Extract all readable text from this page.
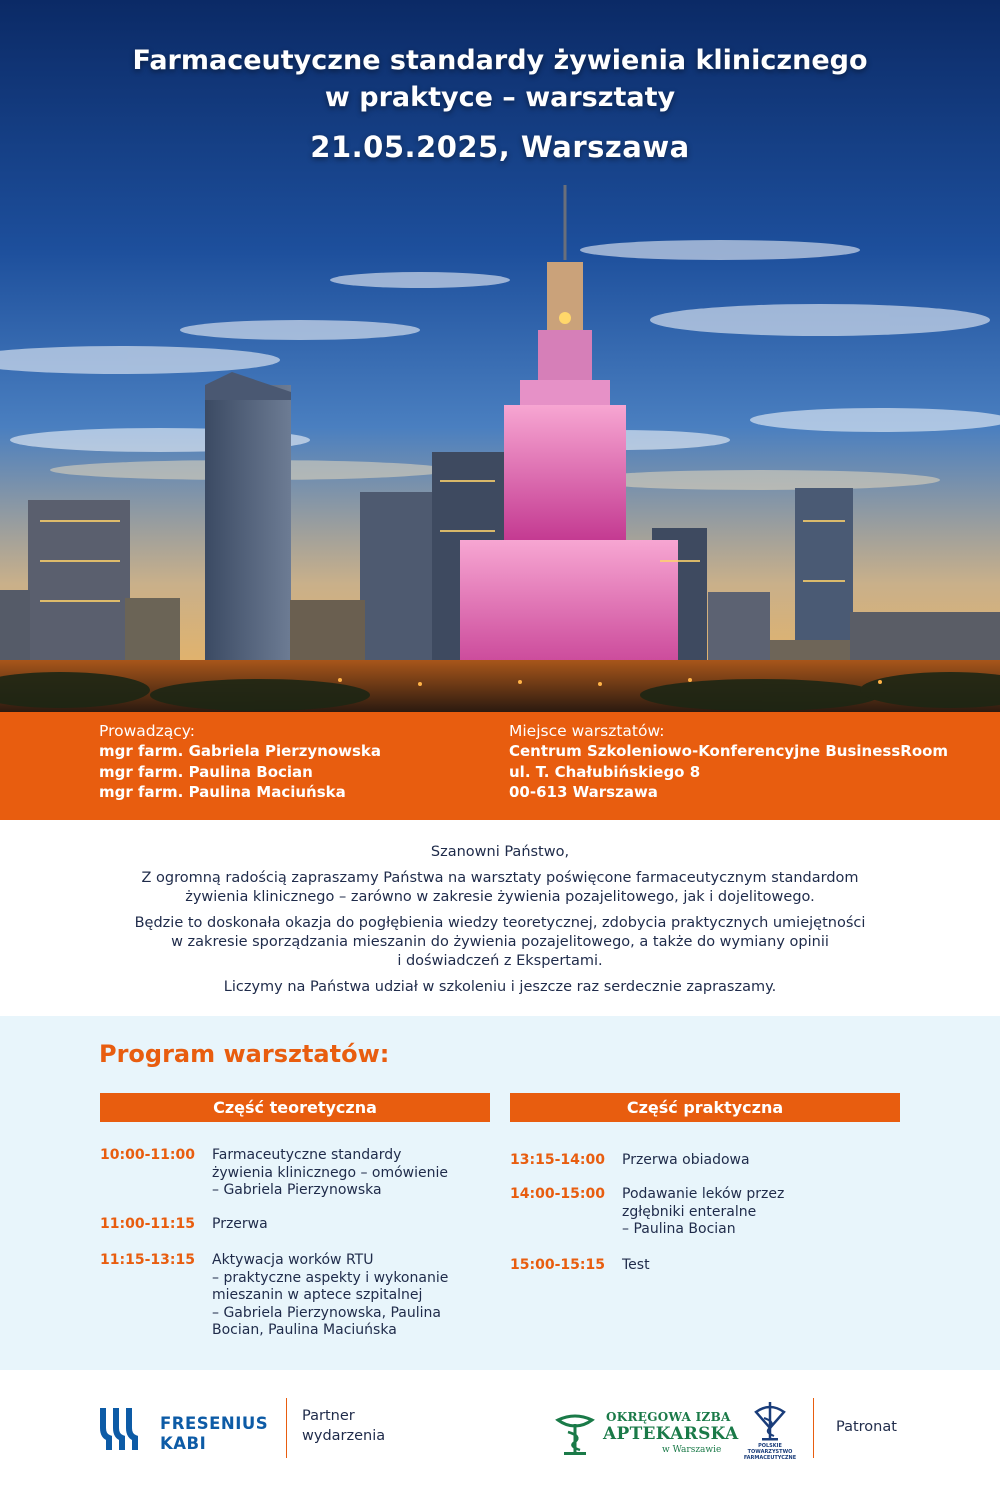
Farmaceutyczne standardy żywienia klinicznego
w praktyce – warsztaty
21.05.2025, Warszawa
Prowadzący:
mgr farm. Gabriela Pierzynowska
mgr farm. Paulina Bocian
mgr farm. Paulina Maciuńska
Miejsce warsztatów:
Centrum Szkoleniowo-Konferencyjne BusinessRoom
ul. T. Chałubińskiego 8
00-613 Warszawa

Szanowni Państwo,

Z ogromną radością zapraszamy Państwa na warsztaty poświęcone farmaceutycznym standardom
żywienia klinicznego – zarówno w zakresie żywienia pozajelitowego, jak i dojelitowego.

Będzie to doskonała okazja do pogłębienia wiedzy teoretycznej, zdobycia praktycznych umiejętności
w zakresie sporządzania mieszanin do żywienia pozajelitowego, a także do wymiany opinii
i doświadczeń z Ekspertami.

Liczymy na Państwa udział w szkoleniu i jeszcze raz serdecznie zapraszamy.

Program warsztatów:
Część teoretyczna	Część praktyczna
10:00-11:00	Farmaceutyczne standardy
żywienia klinicznego – omówienie
– Gabriela Pierzynowska
11:00-11:15	Przerwa
11:15-13:15	Aktywacja worków RTU
– praktyczne aspekty i wykonanie
mieszanin w aptece szpitalnej
– Gabriela Pierzynowska, Paulina
Bocian, Paulina Maciuńska
13:15-14:00	Przerwa obiadowa
14:00-15:00	Podawanie leków przez
zgłębniki enteralne
– Paulina Bocian
15:00-15:15	Test
FRESENIUS
KABI
Partner
wydarzenia
OKRĘGOWA IZBA
APTEKARSKA
w Warszawie	POLSKIE
TOWARZYSTWO
FARMACEUTYCZNE
Patronat
